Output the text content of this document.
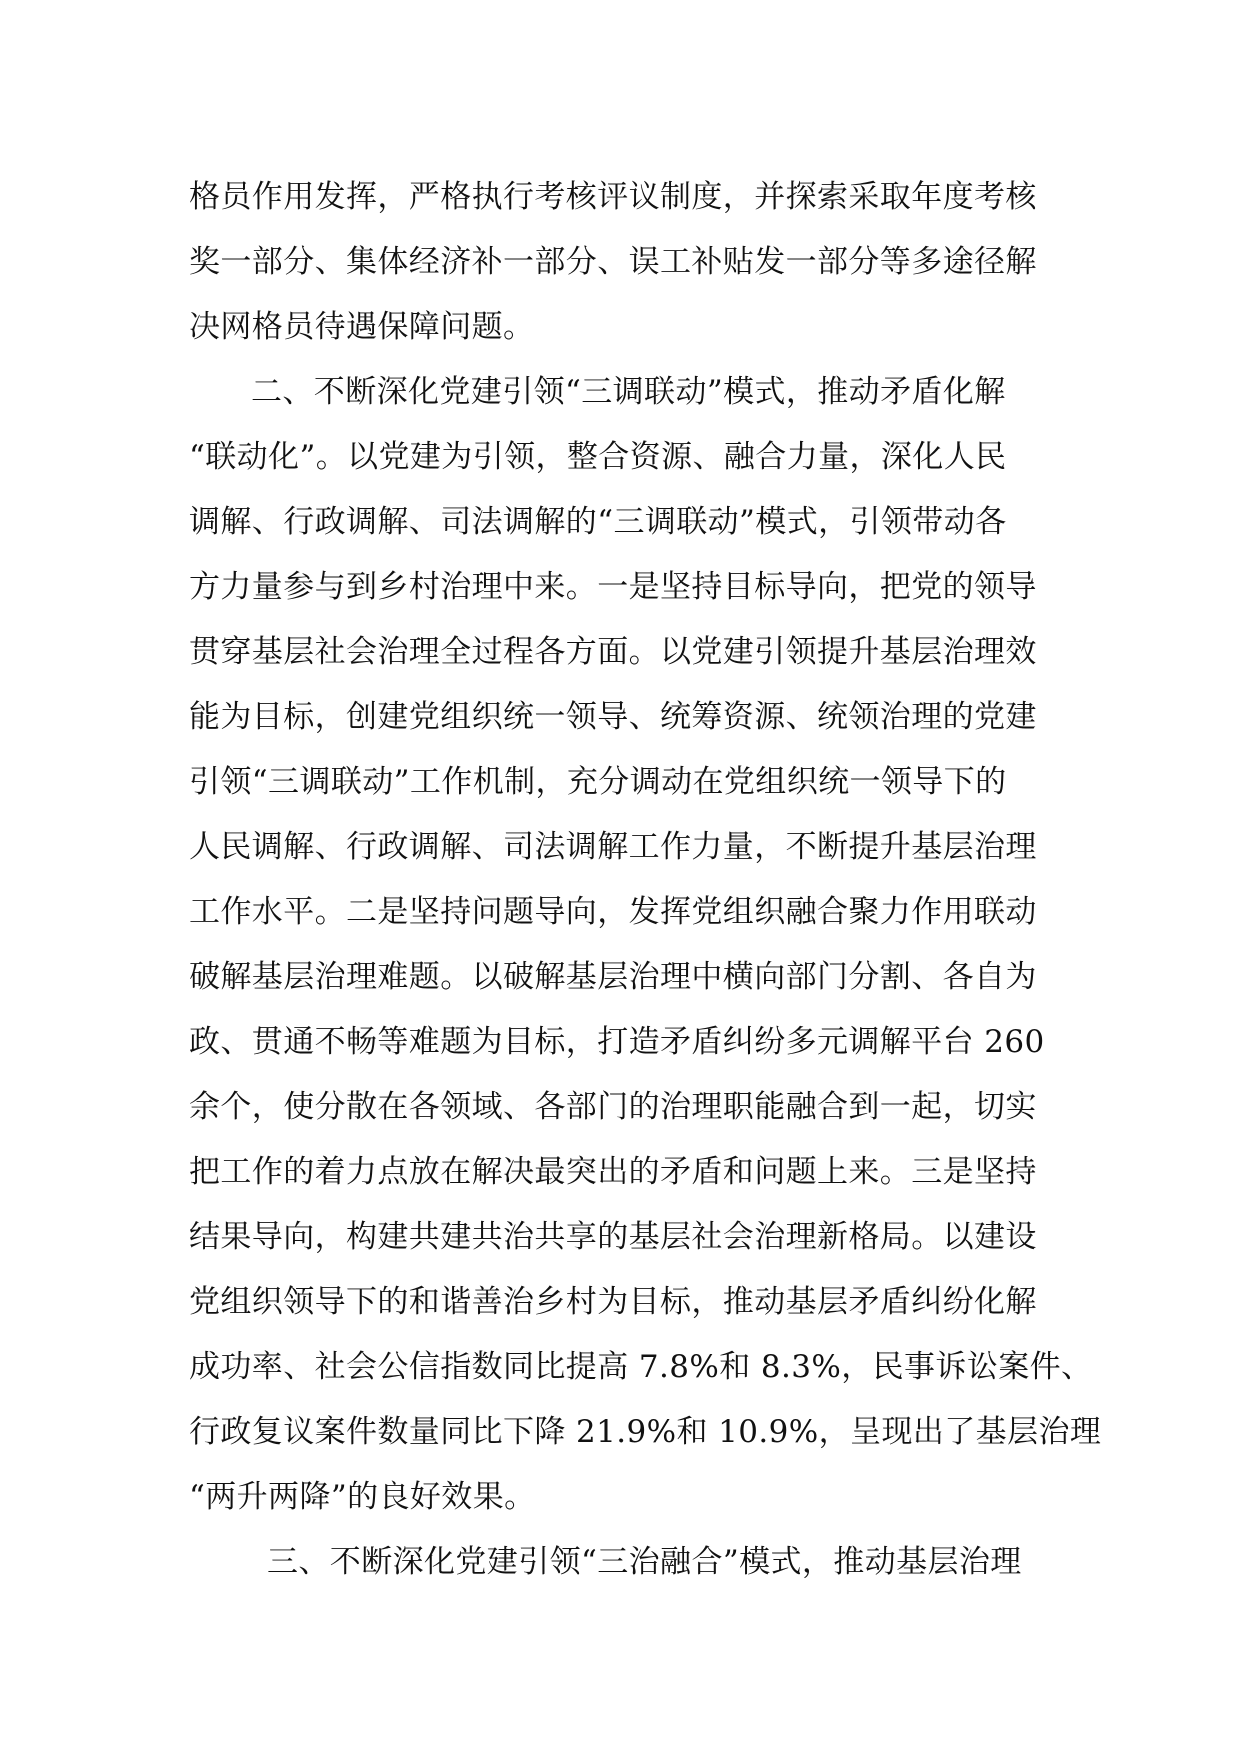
格员作用发挥，严格执行考核评议制度，并探索采取年度考核
奖一部分、集体经济补一部分、误工补贴发一部分等多途径解
决网格员待遇保障问题。
二、不断深化党建引领“三调联动”模式，推动矛盾化解
“联动化”。以党建为引领，整合资源、融合力量，深化人民
调解、行政调解、司法调解的“三调联动”模式，引领带动各
方力量参与到乡村治理中来。一是坚持目标导向，把党的领导
贯穿基层社会治理全过程各方面。以党建引领提升基层治理效
能为目标，创建党组织统一领导、统筹资源、统领治理的党建
引领“三调联动”工作机制，充分调动在党组织统一领导下的
人民调解、行政调解、司法调解工作力量，不断提升基层治理
工作水平。二是坚持问题导向，发挥党组织融合聚力作用联动
破解基层治理难题。以破解基层治理中横向部门分割、各自为
政、贯通不畅等难题为目标，打造矛盾纠纷多元调解平台 260
余个，使分散在各领域、各部门的治理职能融合到一起，切实
把工作的着力点放在解决最突出的矛盾和问题上来。三是坚持
结果导向，构建共建共治共享的基层社会治理新格局。以建设
党组织领导下的和谐善治乡村为目标，推动基层矛盾纠纷化解
成功率、社会公信指数同比提高 7.8%和 8.3%，民事诉讼案件、
行政复议案件数量同比下降 21.9%和 10.9%，呈现出了基层治理
“两升两降”的良好效果。
三、不断深化党建引领“三治融合”模式，推动基层治理
